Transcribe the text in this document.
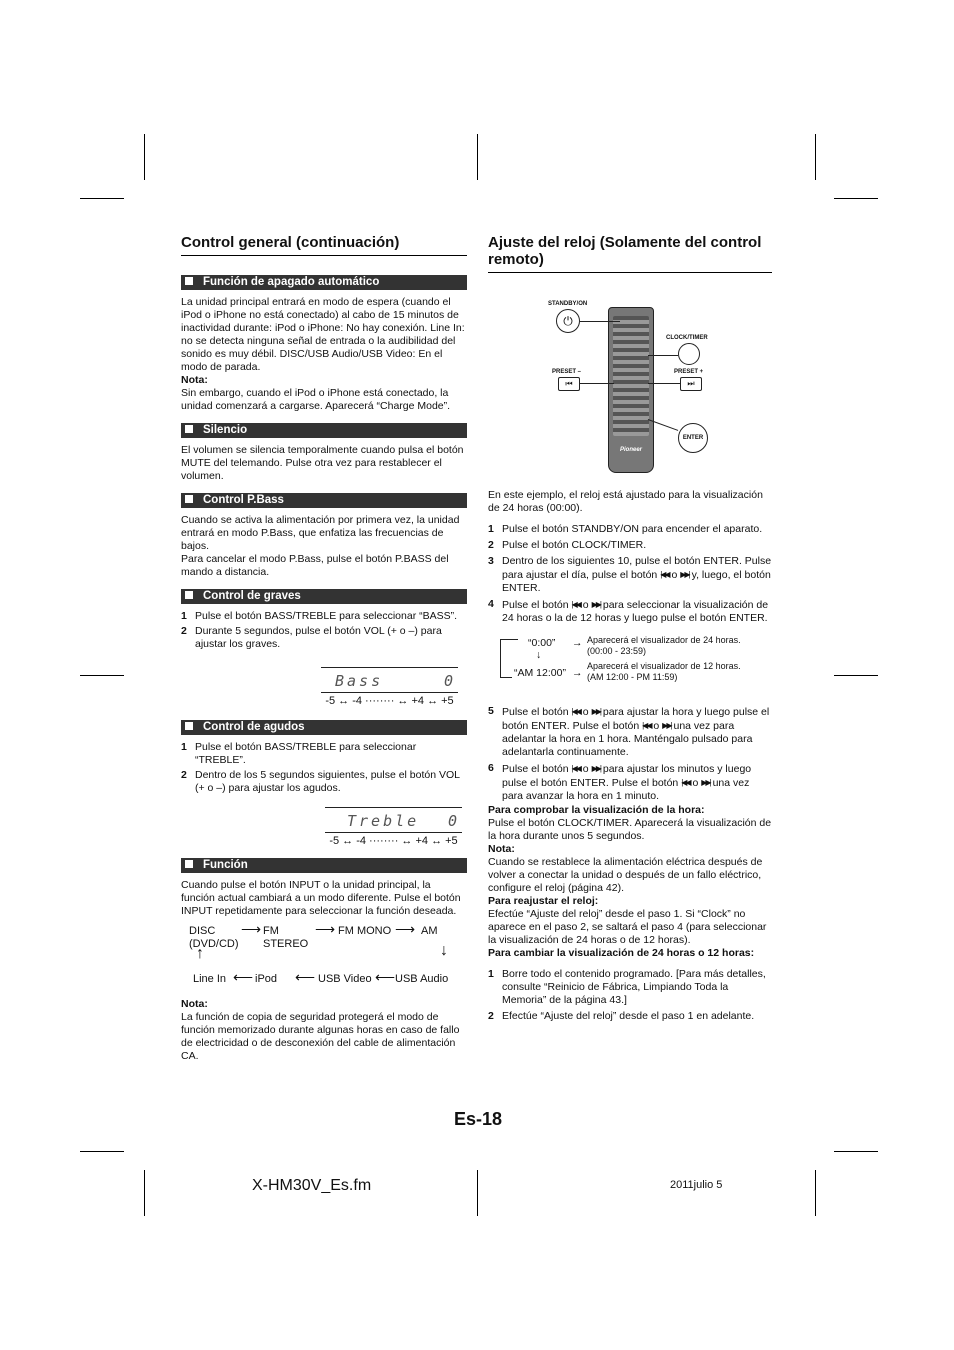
Control general (continuación)
Función de apagado automático

La unidad principal entrará en modo de espera (cuando el iPod o iPhone no está conectado) al cabo de 15 minutos de inactividad durante: iPod o iPhone: No hay conexión. Line In: no se detecta ninguna señal de entrada o la audibilidad del sonido es muy débil. DISC/USB Audio/USB Video: En el modo de parada.

Nota:

Sin embargo, cuando el iPod o iPhone está conectado, la unidad comenzará a cargarse. Aparecerá “Charge Mode”.

Silencio

El volumen se silencia temporalmente cuando pulsa el botón MUTE del telemando. Pulse otra vez para restablecer el volumen.

Control P.Bass

Cuando se activa la alimentación por primera vez, la unidad entrará en modo P.Bass, que enfatiza las frecuencias de bajos.

Para cancelar el modo P.Bass, pulse el botón P.BASS del mando a distancia.

Control de graves
1 Pulse el botón BASS/TREBLE para seleccionar “BASS”.
2 Durante 5 segundos, pulse el botón VOL (+ o –) para ajustar los graves.
Bass	0
-5 ↔ -4 ········ ↔ +4 ↔ +5
Control de agudos
1 Pulse el botón BASS/TREBLE para seleccionar “TREBLE”.
2 Dentro de los 5 segundos siguientes, pulse el botón VOL (+ o –) para ajustar los agudos.
Treble 0
-5 ↔ -4 ········ ↔ +4 ↔ +5
Función

Cuando pulse el botón INPUT o la unidad principal, la función actual cambiará a un modo diferente. Pulse el botón INPUT repetidamente para seleccionar la función deseada.

DISC
(DVD/CD)
⟶ FM
STEREO
⟶ FM MONO ⟶ AM
↓
↑
Line In ⟵ iPod ⟵ USB Video ⟵ USB Audio

Nota:

La función de copia de seguridad protegerá el modo de función memorizado durante algunas horas en caso de fallo de electricidad o de desconexión del cable de alimentación CA.

Ajuste del reloj (Solamente del control remoto)
STANDBY/ON
⏻
PRESET –
⏮
Pioneer
CLOCK/TIMER
PRESET +
⏭
ENTER

En este ejemplo, el reloj está ajustado para la visualización de 24 horas (00:00).

1 Pulse el botón STANDBY/ON para encender el aparato.
2 Pulse el botón CLOCK/TIMER.
3 Dentro de los siguientes 10, pulse el botón ENTER. Pulse para ajustar el día, pulse el botón |◀◀ o ▶▶| y, luego, el botón ENTER.
4 Pulse el botón |◀◀ o ▶▶| para seleccionar la visualización de 24 horas o la de 12 horas y luego pulse el botón ENTER.
“0:00”
↓
“AM 12:00”
→
→
Aparecerá el visualizador de 24 horas.
(00:00 - 23:59)
Aparecerá el visualizador de 12 horas.
(AM 12:00 - PM 11:59)
5 Pulse el botón |◀◀ o ▶▶| para ajustar la hora y luego pulse el botón ENTER. Pulse el botón |◀◀ o ▶▶| una vez para adelantar la hora en 1 hora. Manténgalo pulsado para adelantarla continuamente.
6 Pulse el botón |◀◀ o ▶▶| para ajustar los minutos y luego pulse el botón ENTER. Pulse el botón |◀◀ o ▶▶| una vez para avanzar la hora en 1 minuto.

Para comprobar la visualización de la hora:

Pulse el botón CLOCK/TIMER. Aparecerá la visualización de la hora durante unos 5 segundos.

Nota:

Cuando se restablece la alimentación eléctrica después de volver a conectar la unidad o después de un fallo eléctrico, configure el reloj (página 42).

Para reajustar el reloj:

Efectúe “Ajuste del reloj” desde el paso 1. Si “Clock” no aparece en el paso 2, se saltará el paso 4 (para seleccionar la visualización de 24 horas o de 12 horas).

Para cambiar la visualización de 24 horas o 12 horas:

1 Borre todo el contenido programado. [Para más detalles, consulte “Reinicio de Fábrica, Limpiando Toda la Memoria” de la página 43.]
2 Efectúe “Ajuste del reloj” desde el paso 1 en adelante.
Es-18
X-HM30V_Es.fm	2011julio 5
